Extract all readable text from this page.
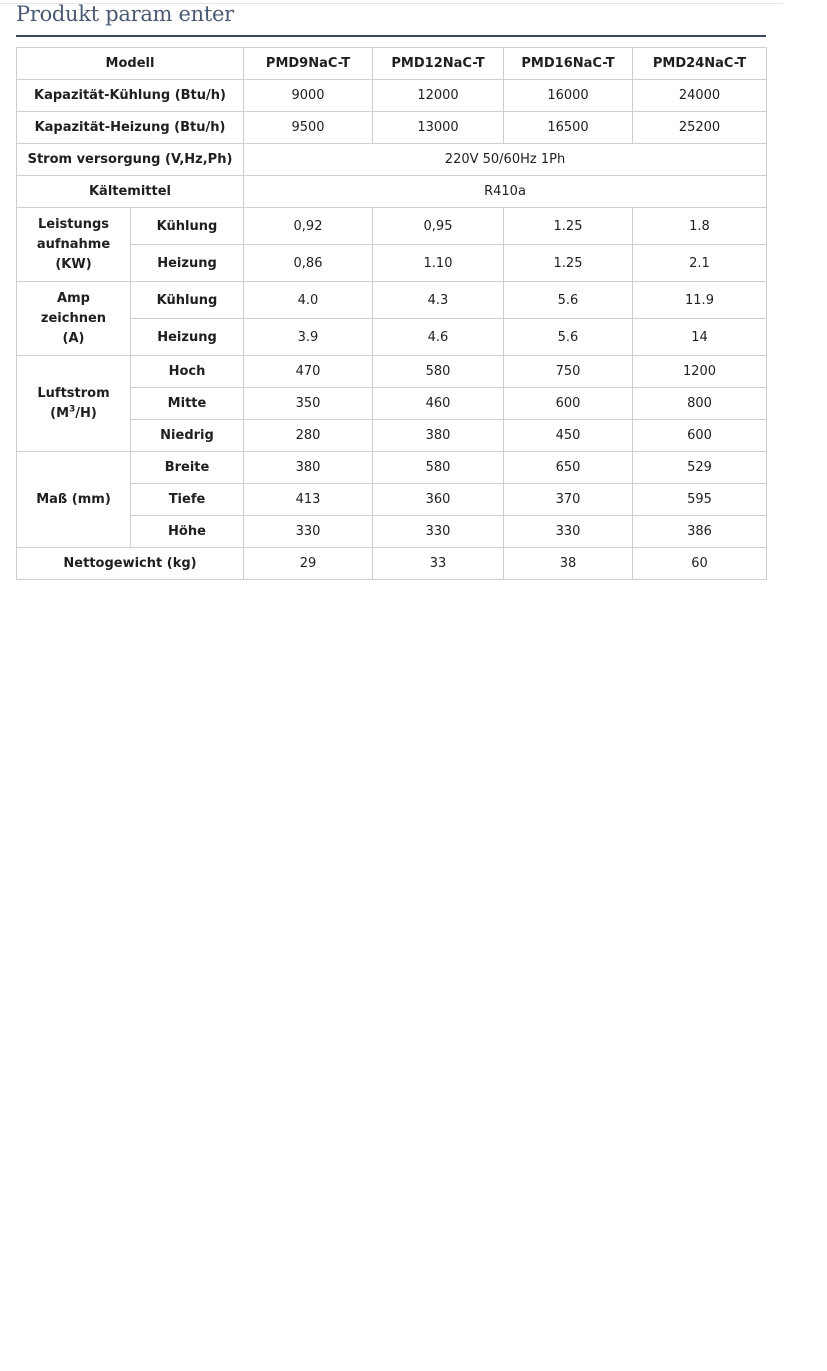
Produkt param enter
Modell		PMD9NaC-T	PMD12NaC-T	PMD16NaC-T	PMD24NaC-T
Kapazität-Kühlung (Btu/h)		9000	12000	16000	24000
Kapazität-Heizung (Btu/h)		9500	13000	16500	25200
Strom versorgung (V,Hz,Ph)		220V 50/60Hz 1Ph			
Kältemittel		R410a			
Leistungs
aufnahme
(KW)	Kühlung	0,92	0,95	1.25	1.8
	Heizung	0,86	1.10	1.25	2.1
Amp
zeichnen
(A)	Kühlung	4.0	4.3	5.6	11.9
	Heizung	3.9	4.6	5.6	14
Luftstrom
$(M^3/H)$	Hoch	470	580	750	1200
	Mitte	350	460	600	800
	Niedrig	280	380	450	600
Maß (mm)	Breite	380	580	650	529
	Tiefe	413	360	370	595
	Höhe	330	330	330	386
Nettogewicht (kg)		29	33	38	60
